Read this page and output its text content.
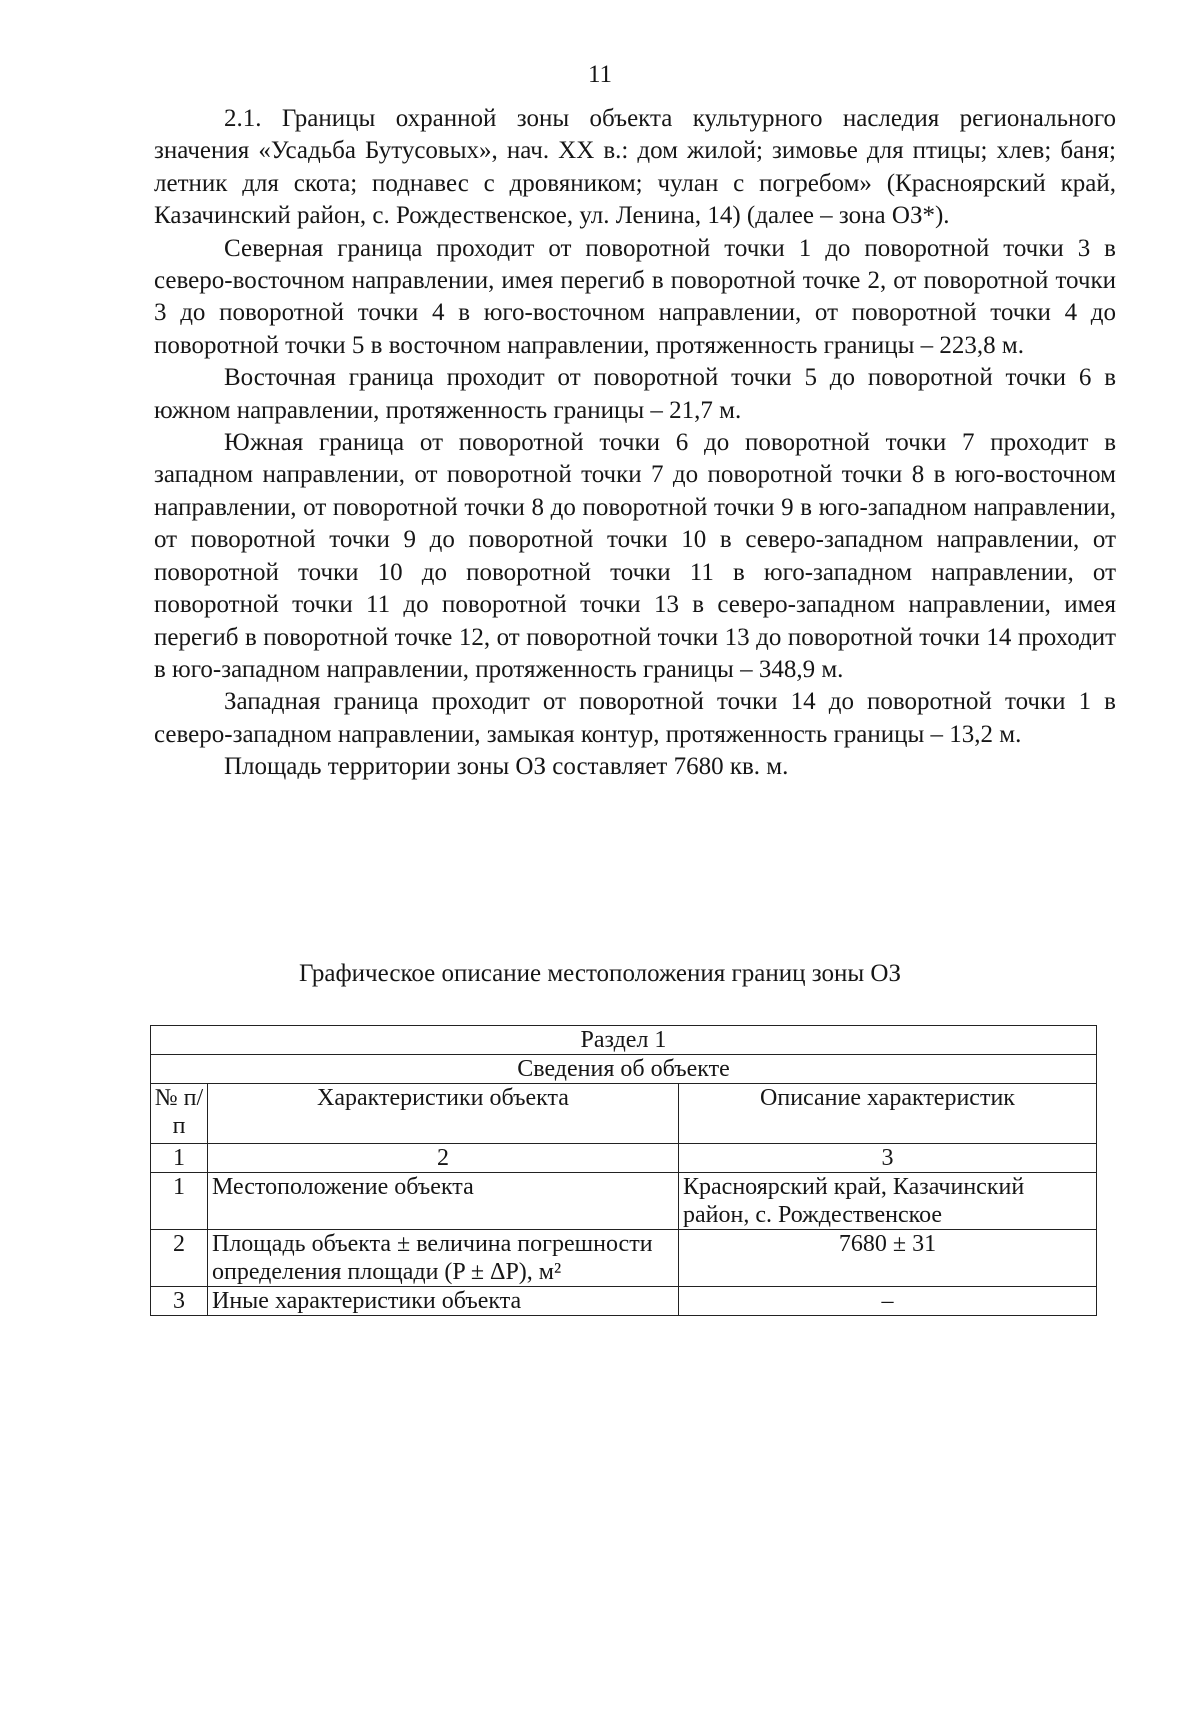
11

2.1. Границы охранной зоны объекта культурного наследия регионального значения «Усадьба Бутусовых», нач. XX в.: дом жилой; зимовье для птицы; хлев; баня; летник для скота; поднавес с дровяником; чулан с погребом» (Красноярский край, Казачинский район, с. Рождественское, ул. Ленина, 14) (далее – зона ОЗ*).

Северная граница проходит от поворотной точки 1 до поворотной точки 3 в северо-восточном направлении, имея перегиб в поворотной точке 2, от поворотной точки 3 до поворотной точки 4 в юго-восточном направлении, от поворотной точки 4 до поворотной точки 5 в восточном направлении, протяженность границы – 223,8 м.

Восточная граница проходит от поворотной точки 5 до поворотной точки 6 в южном направлении, протяженность границы – 21,7 м.

Южная граница от поворотной точки 6 до поворотной точки 7 проходит в западном направлении, от поворотной точки 7 до поворотной точки 8 в юго-восточном направлении, от поворотной точки 8 до поворотной точки 9 в юго-западном направлении, от поворотной точки 9 до поворотной точки 10 в северо-западном направлении, от поворотной точки 10 до поворотной точки 11 в юго-западном направлении, от поворотной точки 11 до поворотной точки 13 в северо-западном направлении, имея перегиб в поворотной точке 12, от поворотной точки 13 до поворотной точки 14 проходит в юго-западном направлении, протяженность границы – 348,9 м.

Западная граница проходит от поворотной точки 14 до поворотной точки 1 в северо-западном направлении, замыкая контур, протяженность границы – 13,2 м.

Площадь территории зоны ОЗ составляет 7680 кв. м.

Графическое описание местоположения границ зоны ОЗ
Раздел 1		
Сведения об объекте		
№ п/п	Характеристики объекта	Описание характеристик
1	2	3
1	Местоположение объекта	Красноярский край, Казачинский район, с. Рождественское
2	Площадь объекта ± величина погрешности определения площади (P ± ΔP), м²	7680 ± 31
3	Иные характеристики объекта	–
